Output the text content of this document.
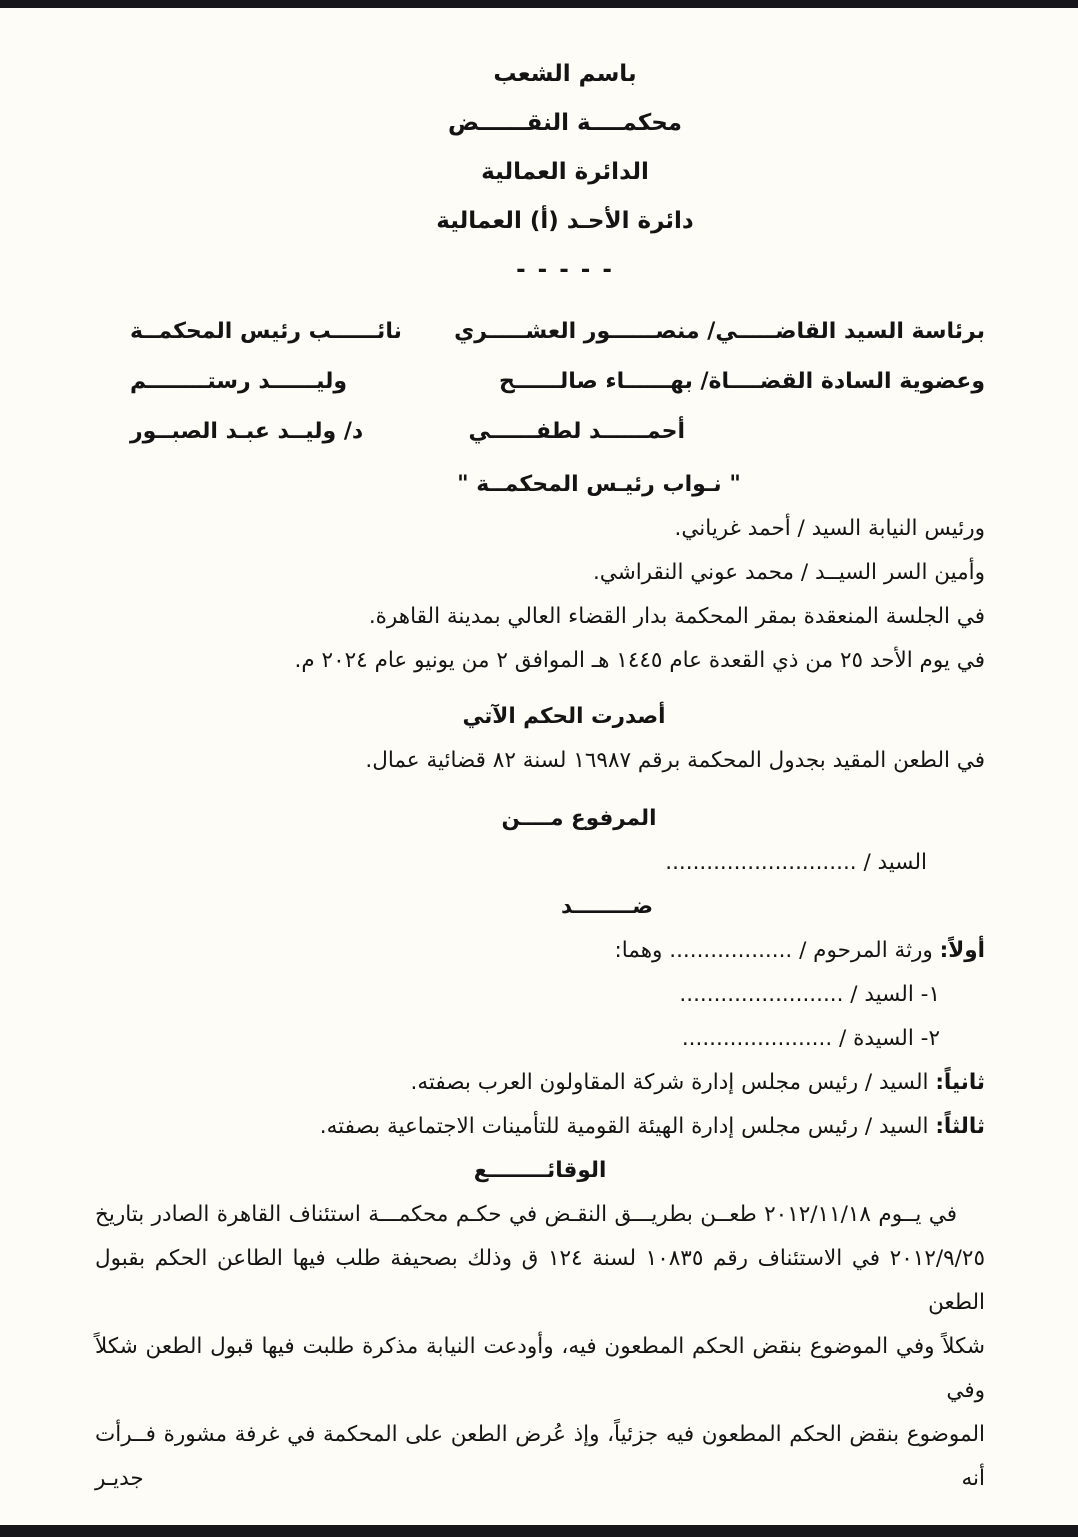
باسم الشعب
محكمــــة النقــــــض
الدائرة العمالية
دائرة الأحـد (أ) العمالية
- - - - -
برئاسة السيد القاضـــــي/ منصــــــور العشـــــري
نائــــــب رئيس المحكمــة
وعضوية السادة القضــــاة/ بهــــــاء صالــــــح
وليــــــد رستــــــــم
أحمــــــد لطفــــــي
د/ وليــد عبـد الصبــور
" نـواب رئيـس المحكمــة "
ورئيس النيابة السيد / أحمد غرياني.
وأمين السر السيــد / محمد عوني النقراشي.
في الجلسة المنعقدة بمقر المحكمة بدار القضاء العالي بمدينة القاهرة.
في يوم الأحد ٢٥ من ذي القعدة عام ١٤٤٥ هـ الموافق ٢ من يونيو عام ٢٠٢٤ م.
أصدرت الحكم الآتي
في الطعن المقيد بجدول المحكمة برقم ١٦٩٨٧ لسنة ٨٢ قضائية عمال.
المرفوع مــــن
السيد / ............................
ضــــــــد
أولاً: ورثة المرحوم / .................. وهما:
١- السيد / ........................
٢- السيدة / ......................
ثانياً: السيد / رئيس مجلس إدارة شركة المقاولون العرب بصفته.
ثالثاً: السيد / رئيس مجلس إدارة الهيئة القومية للتأمينات الاجتماعية بصفته.
الوقائــــــــع
في يــوم ٢٠١٢/١١/١٨ طعــن بطريـــق النقـض في حكـم محكمـــة استئناف القاهرة الصادر بتاريخ
٢٠١٢/٩/٢٥ في الاستئناف رقم ١٠٨٣٥ لسنة ١٢٤ ق وذلك بصحيفة طلب فيها الطاعن الحكم بقبول الطعن
شكلاً وفي الموضوع بنقض الحكم المطعون فيه، وأودعت النيابة مذكرة طلبت فيها قبول الطعن شكلاً وفي
الموضوع بنقض الحكم المطعون فيه جزئياً، وإذ عُرض الطعن على المحكمة في غرفة مشورة فــرأت أنه جديـر
